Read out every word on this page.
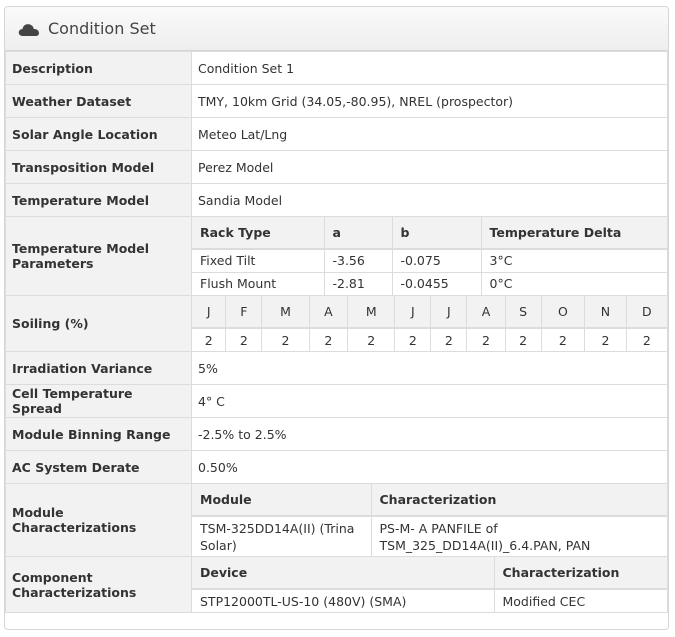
Condition Set
Description	Condition Set 1
Weather Dataset	TMY, 10km Grid (34.05,-80.95), NREL (prospector)
Solar Angle Location	Meteo Lat/Lng
Transposition Model	Perez Model
Temperature Model	Sandia Model
Temperature Model Parameters	
Rack Type	a	b	Temperature Delta
Fixed Tilt	-3.56	-0.075	3°C
Flush Mount	-2.81	-0.0455	0°C

Soiling (%)	
J	F	M	A	M	J	J	A	S	O	N	D
2	2	2	2	2	2	2	2	2	2	2	2

Irradiation Variance	5%
Cell Temperature Spread	4° C
Module Binning Range	-2.5% to 2.5%
AC System Derate	0.50%
Module Characterizations	
Module	Characterization
TSM-325DD14A(II) (Trina Solar)	PS-M- A PANFILE of TSM_325_DD14A(II)_6.4.PAN, PAN

Component Characterizations	
Device	Characterization
STP12000TL-US-10 (480V) (SMA)	Modified CEC
